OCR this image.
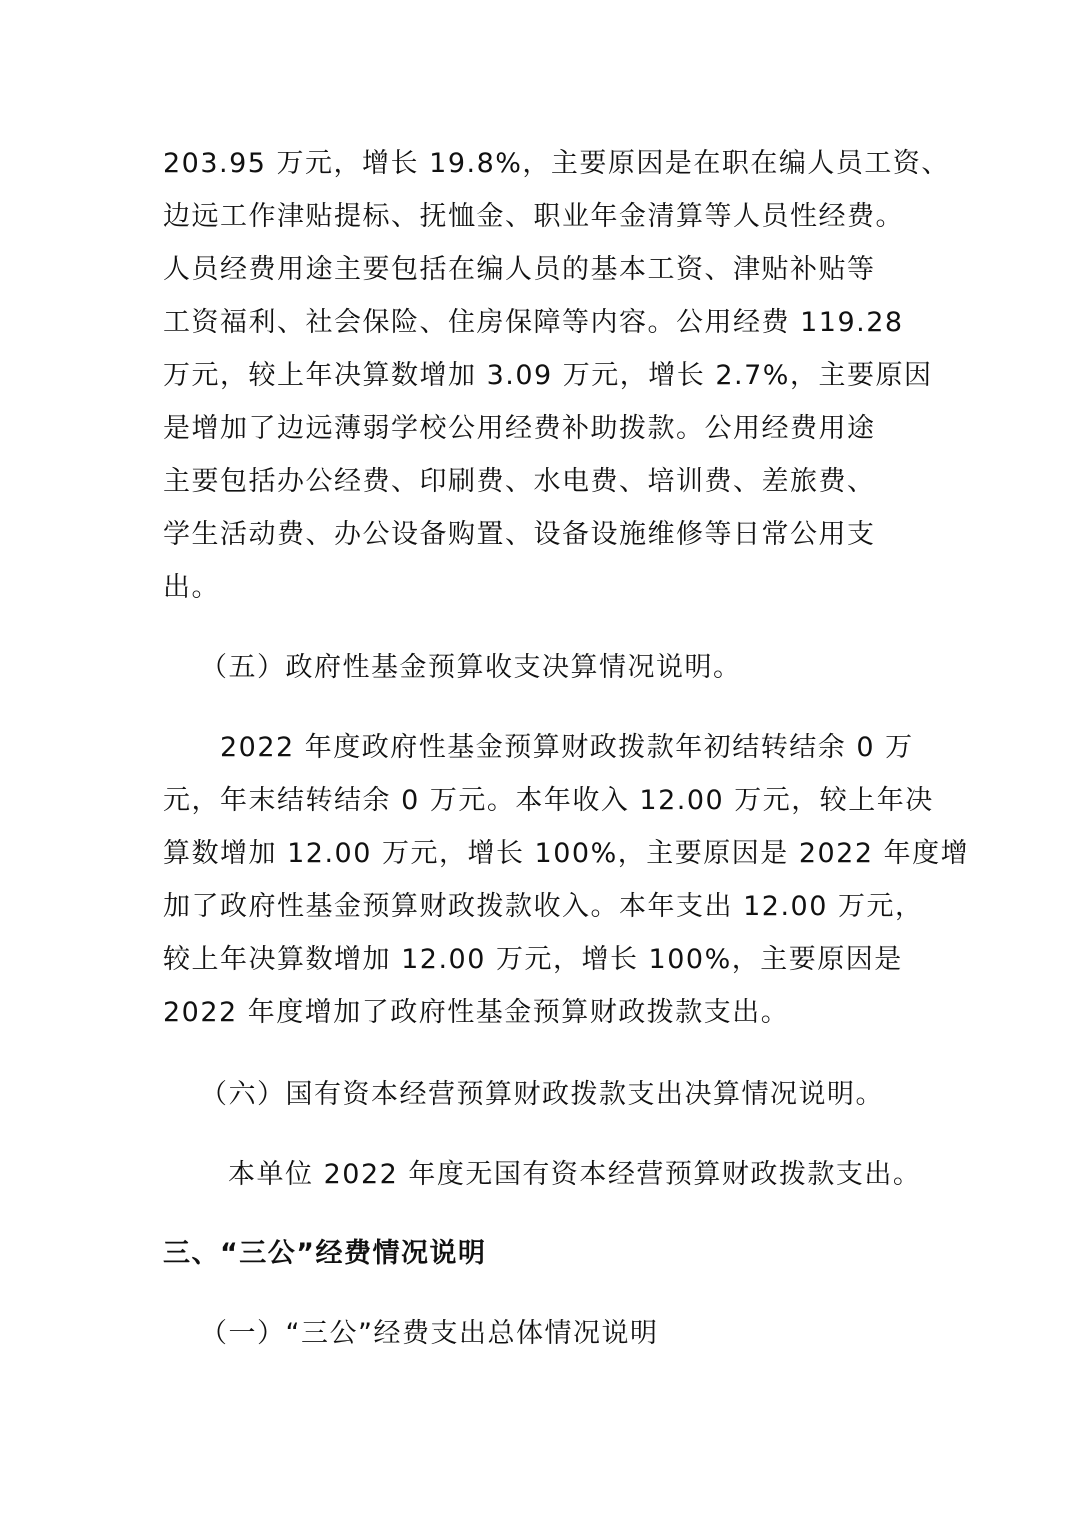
203.95 万元，增长 19.8%，主要原因是在职在编人员工资、
边远工作津贴提标、抚恤金、职业年金清算等人员性经费。
人员经费用途主要包括在编人员的基本工资、津贴补贴等
工资福利、社会保险、住房保障等内容。公用经费 119.28
万元，较上年决算数增加 3.09 万元，增长 2.7%，主要原因
是增加了边远薄弱学校公用经费补助拨款。公用经费用途
主要包括办公经费、印刷费、水电费、培训费、差旅费、
学生活动费、办公设备购置、设备设施维修等日常公用支
出。
（五）政府性基金预算收支决算情况说明。
2022 年度政府性基金预算财政拨款年初结转结余 0 万
元，年末结转结余 0 万元。本年收入 12.00 万元，较上年决
算数增加 12.00 万元，增长 100%，主要原因是 2022 年度增
加了政府性基金预算财政拨款收入。本年支出 12.00 万元，
较上年决算数增加 12.00 万元，增长 100%，主要原因是
2022 年度增加了政府性基金预算财政拨款支出。
（六）国有资本经营预算财政拨款支出决算情况说明。
本单位 2022 年度无国有资本经营预算财政拨款支出。
三、“三公”经费情况说明
（一）“三公”经费支出总体情况说明
